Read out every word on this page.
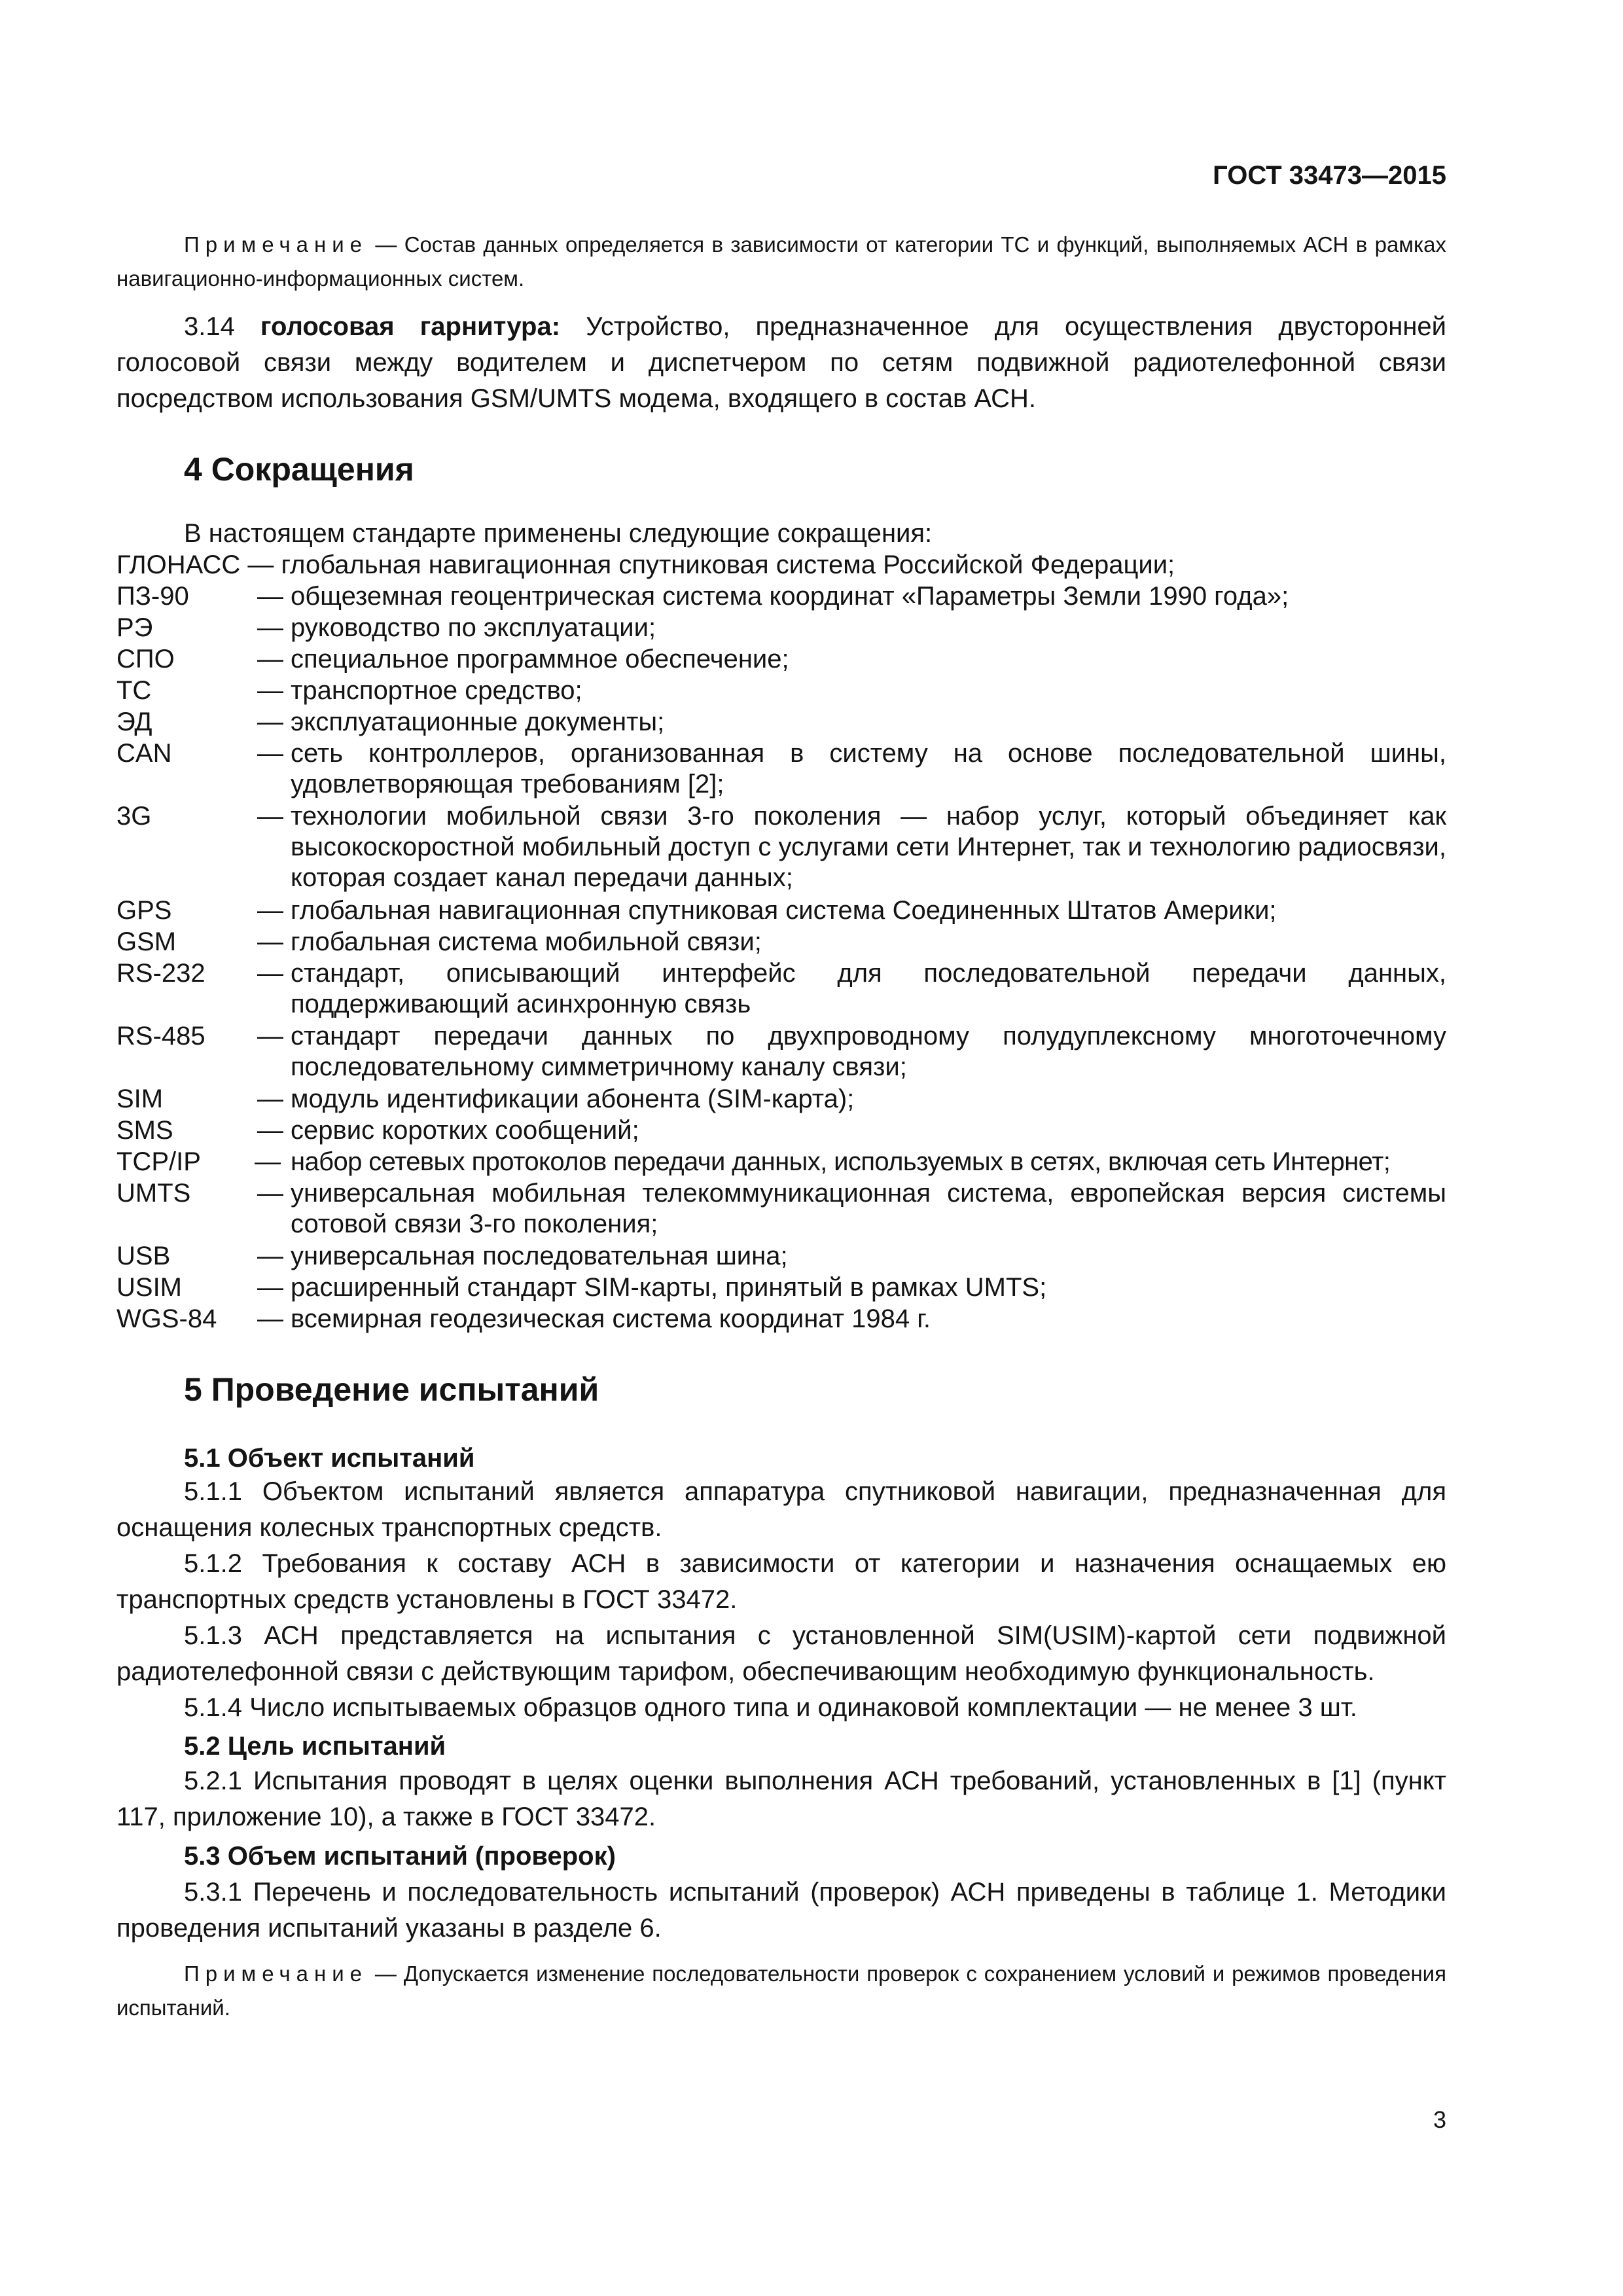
ГОСТ 33473—2015
Примечание — Состав данных определяется в зависимости от категории ТС и функций, выполняемых АСН в рамках навигационно-информационных систем.
3.14 голосовая гарнитура: Устройство, предназначенное для осуществления двусторонней голосовой связи между водителем и диспетчером по сетям подвижной радиотелефонной связи посредством использования GSM/UMTS модема, входящего в состав АСН.
4 Сокращения
В настоящем стандарте применены следующие сокращения:
ГЛОНАСС — глобальная навигационная спутниковая система Российской Федерации;
ПЗ-90	— общеземная геоцентрическая система координат «Параметры Земли 1990 года»;
РЭ	— руководство по эксплуатации;
СПО	— специальное программное обеспечение;
ТС	— транспортное средство;
ЭД	— эксплуатационные документы;
CAN	— сеть контроллеров, организованная в систему на основе последовательной шины, удовлетворяющая требованиям [2];
3G	— технологии мобильной связи 3-го поколения — набор услуг, который объединяет как высокоскоростной мобильный доступ с услугами сети Интернет, так и технологию радиосвязи, которая создает канал передачи данных;
GPS	— глобальная навигационная спутниковая система Соединенных Штатов Америки;
GSM	— глобальная система мобильной связи;
RS-232 — стандарт, описывающий интерфейс для последовательной передачи данных, поддерживающий асинхронную связь
RS-485 — стандарт передачи данных по двухпроводному полудуплексному многоточечному последовательному симметричному каналу связи;
SIM	— модуль идентификации абонента (SIM-карта);
SMS	— сервис коротких сообщений;
TCP/IP — набор сетевых протоколов передачи данных, используемых в сетях, включая сеть Интернет;
UMTS	— универсальная мобильная телекоммуникационная система, европейская версия системы сотовой связи 3-го поколения;
USB	— универсальная последовательная шина;
USIM	— расширенный стандарт SIM-карты, принятый в рамках UMTS;
WGS-84 — всемирная геодезическая система координат 1984 г.
5 Проведение испытаний
5.1 Объект испытаний
5.1.1 Объектом испытаний является аппаратура спутниковой навигации, предназначенная для оснащения колесных транспортных средств.
5.1.2 Требования к составу АСН в зависимости от категории и назначения оснащаемых ею транспортных средств установлены в ГОСТ 33472.
5.1.3 АСН представляется на испытания с установленной SIM(USIM)-картой сети подвижной радиотелефонной связи с действующим тарифом, обеспечивающим необходимую функциональность.
5.1.4 Число испытываемых образцов одного типа и одинаковой комплектации — не менее 3 шт.
5.2 Цель испытаний
5.2.1 Испытания проводят в целях оценки выполнения АСН требований, установленных в [1] (пункт 117, приложение 10), а также в ГОСТ 33472.
5.3 Объем испытаний (проверок)
5.3.1 Перечень и последовательность испытаний (проверок) АСН приведены в таблице 1. Методики проведения испытаний указаны в разделе 6.
Примечание — Допускается изменение последовательности проверок с сохранением условий и режимов проведения испытаний.
3
